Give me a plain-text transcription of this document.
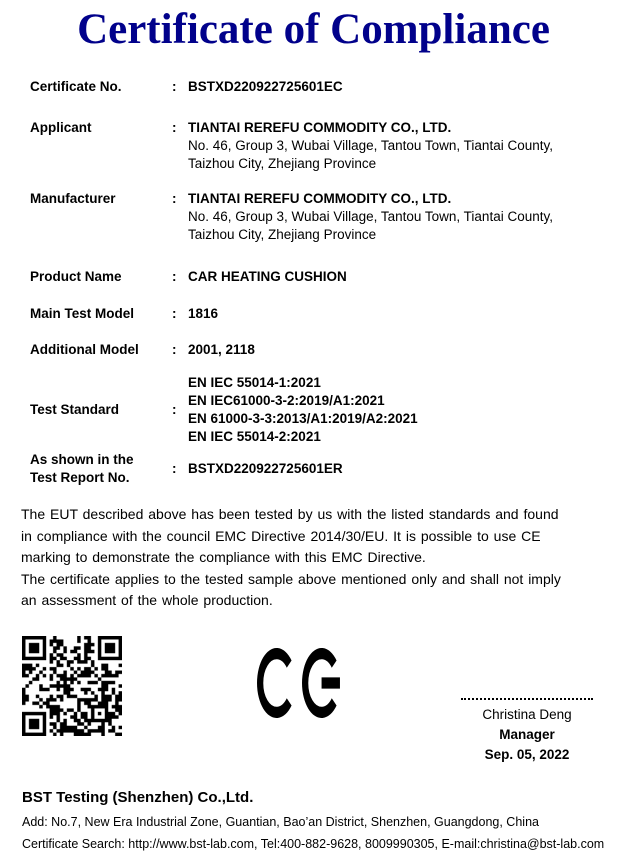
Certificate of Compliance
Certificate No.	: BSTXD220922725601EC
Applicant	: TIANTAI REREFU COMMODITY CO., LTD.
No. 46, Group 3, Wubai Village, Tantou Town, Tiantai County,
Taizhou City, Zhejiang Province
Manufacturer	: TIANTAI REREFU COMMODITY CO., LTD.
No. 46, Group 3, Wubai Village, Tantou Town, Tiantai County,
Taizhou City, Zhejiang Province
Product Name	: CAR HEATING CUSHION
Main Test Model	: 1816
Additional Model	: 2001, 2118
Test Standard	:
EN IEC 55014-1:2021
EN IEC61000-3-2:2019/A1:2021
EN 61000-3-3:2013/A1:2019/A2:2021
EN IEC 55014-2:2021
As shown in the
Test Report No.
: BSTXD220922725601ER
The EUT described above has been tested by us with the listed standards and found
in compliance with the council EMC Directive 2014/30/EU. It is possible to use CE
marking to demonstrate the compliance with this EMC Directive.
The certificate applies to the tested sample above mentioned only and shall not imply
an assessment of the whole production.
Christina Deng
Manager
Sep. 05, 2022
BST Testing (Shenzhen) Co.,Ltd.
Add: No.7, New Era Industrial Zone, Guantian, Bao’an District, Shenzhen, Guangdong, China
Certificate Search: http://www.bst-lab.com, Tel:400-882-9628, 8009990305, E-mail:christina@bst-lab.com
